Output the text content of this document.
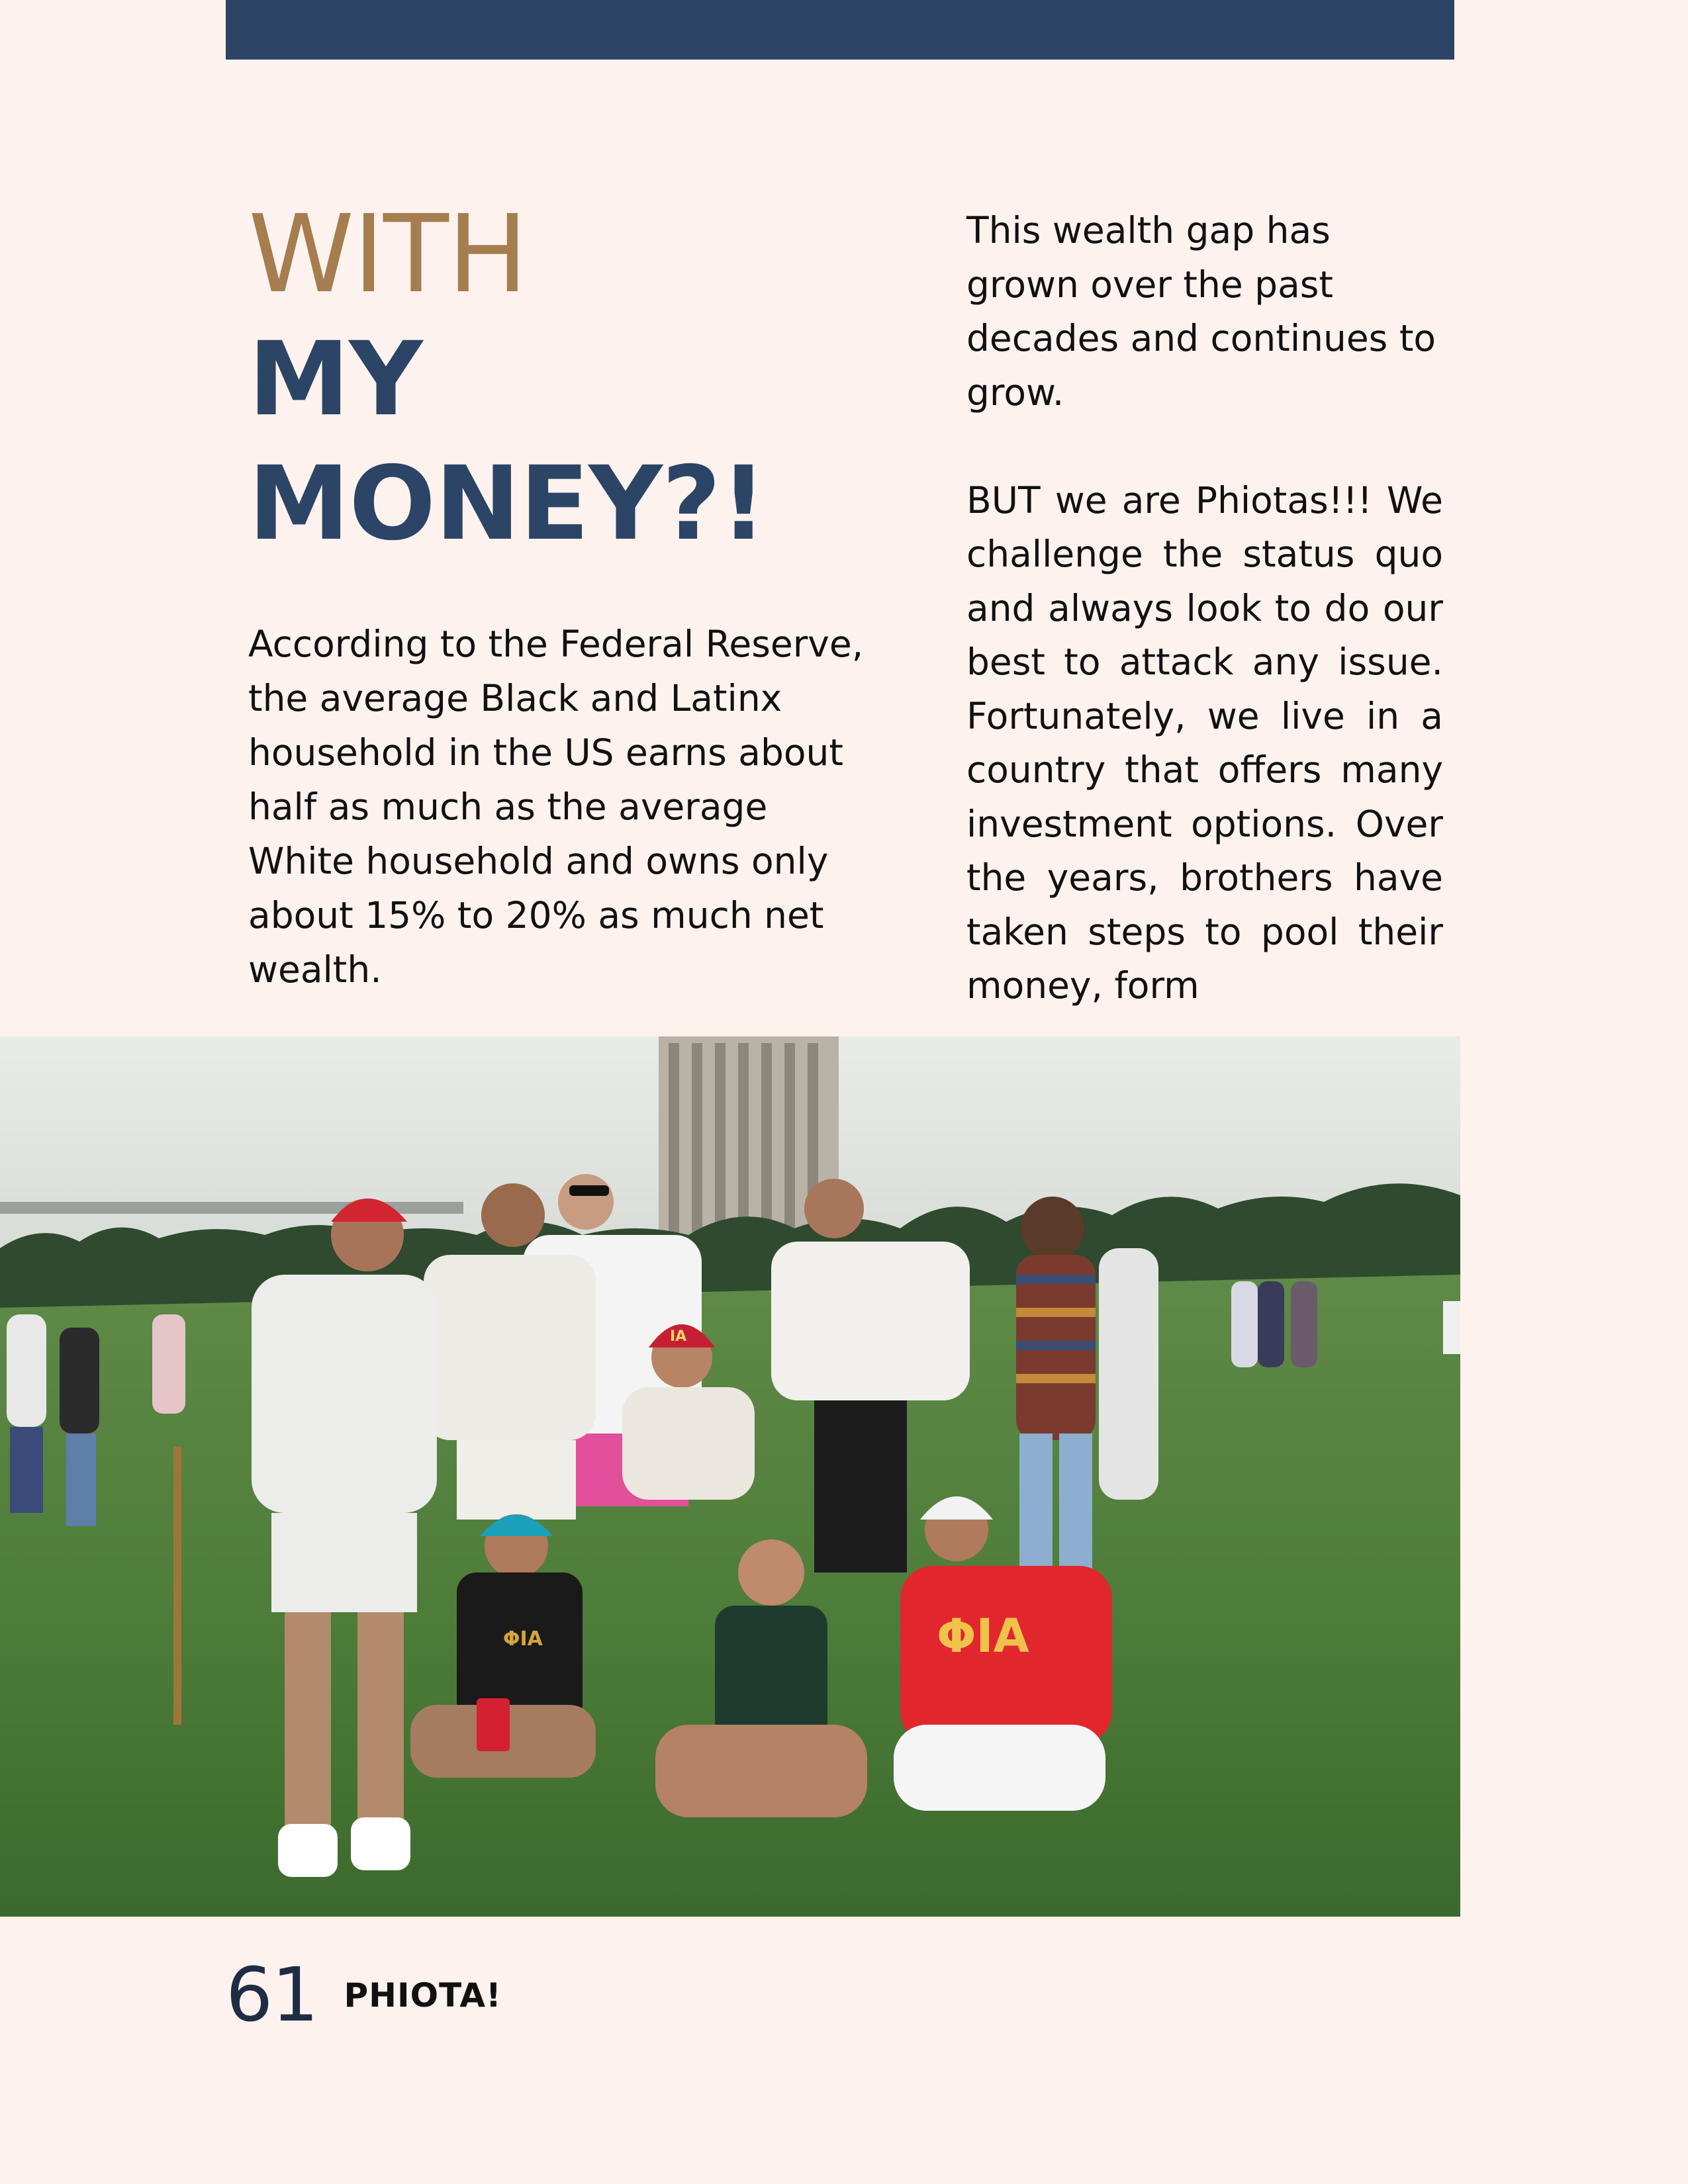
WITH
MY
MONEY?!

According to the Federal Reserve, the average Black and Latinx household in the US earns about half as much as the average White household and owns only about 15% to 20% as much net wealth.

This wealth gap has grown over the past decades and continues to grow.

BUT we are Phiotas!!! We challenge the status quo and always look to do our best to attack any issue. Fortunately, we live in a country that offers many investment options. Over the years, brothers have taken steps to pool their money, form

IA
ΦΙΑ	ΦIA
61 PHIOTA!
